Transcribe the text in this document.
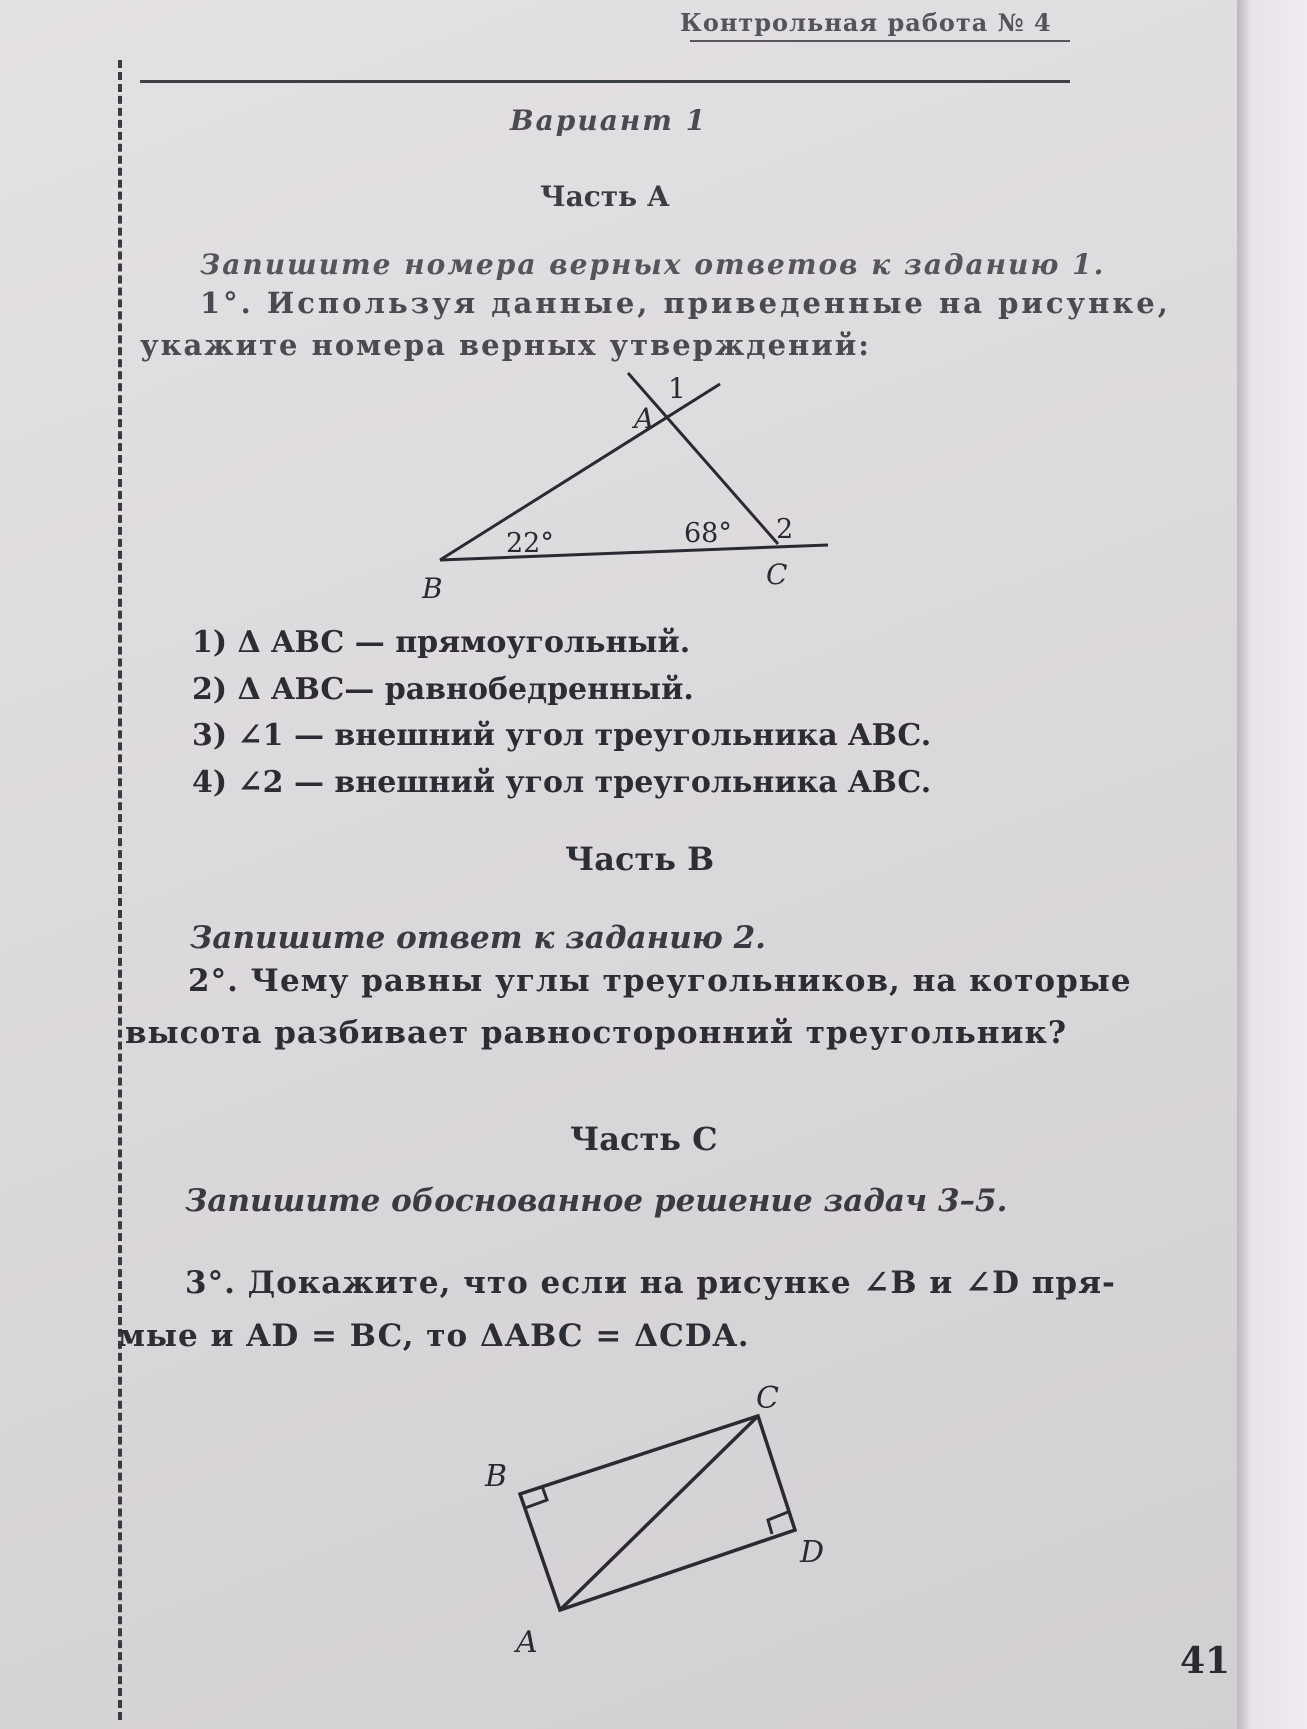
Контрольная работа № 4
Вариант 1
Часть А
Запишите номера верных ответов к заданию 1.
1°. Используя данные, приведенные на рисунке,
укажите номера верных утверждений:
A
1
B	C
22°	68° 2
B
C
D
A
1) Δ ABC — прямоугольный.
2) Δ ABC— равнобедренный.
3) ∠1 — внешний угол треугольника ABC.
4) ∠2 — внешний угол треугольника ABC.
Часть В
Запишите ответ к заданию 2.
2°. Чему равны углы треугольников, на которые
высота разбивает равносторонний треугольник?
Часть С
Запишите обоснованное решение задач 3–5.
3°. Докажите, что если на рисунке ∠B и ∠D пря-
мые и AD = BC, то ΔABC = ΔCDA.
41
